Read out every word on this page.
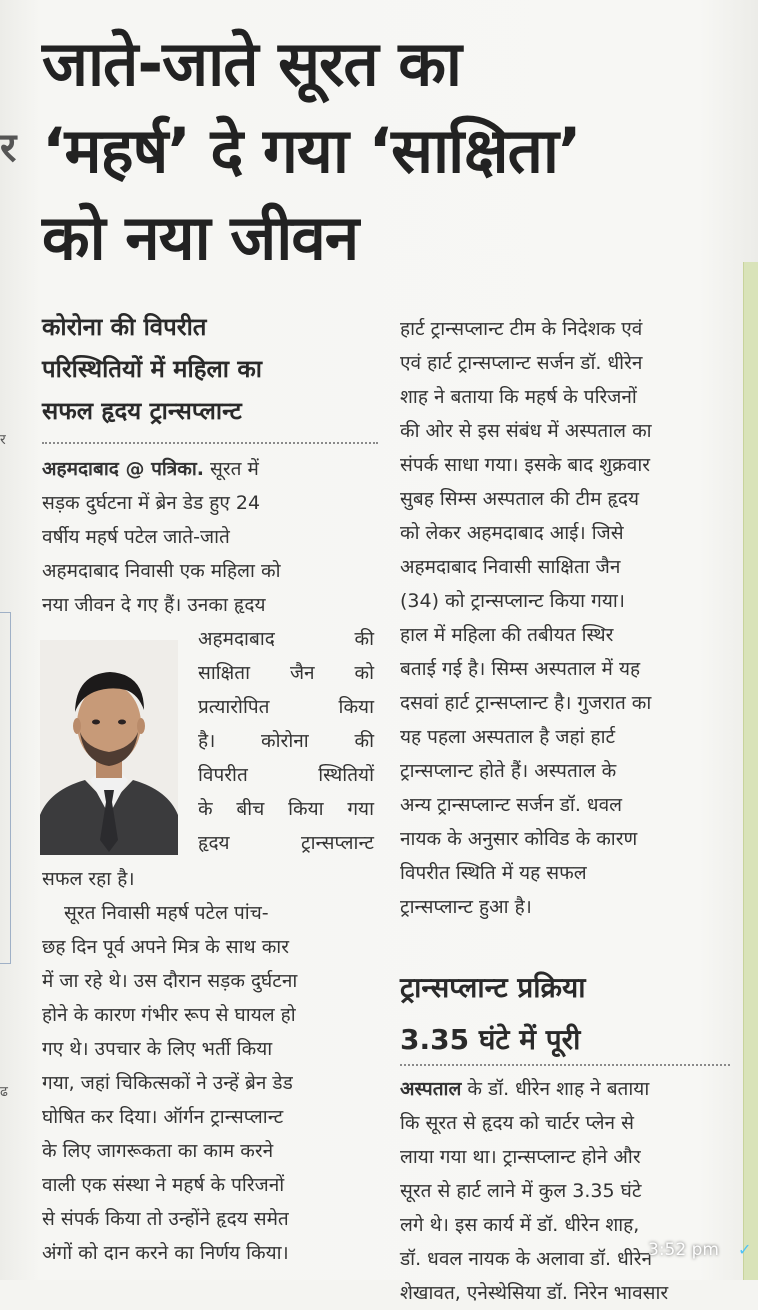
र
र
ढ
जाते-जाते सूरत का
‘महर्ष’ दे गया ‘साक्षिता’
को नया जीवन
कोरोना की विपरीत
परिस्थितियों में महिला का
सफल हृदय ट्रान्सप्लान्ट
अहमदाबाद @ पत्रिका. सूरत में
सड़क दुर्घटना में ब्रेन डेड हुए 24
वर्षीय महर्ष पटेल जाते-जाते
अहमदाबाद निवासी एक महिला को
नया जीवन दे गए हैं। उनका हृदय
अहमदाबाद की
साक्षिता जैन को
प्रत्यारोपित किया
है। कोरोना की
विपरीत स्थितियों
के बीच किया गया
हृदय ट्रान्सप्लान्ट
सफल रहा है।
सूरत निवासी महर्ष पटेल पांच-
छह दिन पूर्व अपने मित्र के साथ कार
में जा रहे थे। उस दौरान सड़क दुर्घटना
होने के कारण गंभीर रूप से घायल हो
गए थे। उपचार के लिए भर्ती किया
गया, जहां चिकित्सकों ने उन्हें ब्रेन डेड
घोषित कर दिया। ऑर्गन ट्रान्सप्लान्ट
के लिए जागरूकता का काम करने
वाली एक संस्था ने महर्ष के परिजनों
से संपर्क किया तो उन्होंने हृदय समेत
अंगों को दान करने का निर्णय किया।
हार्ट ट्रान्सप्लान्ट टीम के निदेशक एवं
एवं हार्ट ट्रान्सप्लान्ट सर्जन डॉ. धीरेन
शाह ने बताया कि महर्ष के परिजनों
की ओर से इस संबंध में अस्पताल का
संपर्क साधा गया। इसके बाद शुक्रवार
सुबह सिम्स अस्पताल की टीम हृदय
को लेकर अहमदाबाद आई। जिसे
अहमदाबाद निवासी साक्षिता जैन
(34) को ट्रान्सप्लान्ट किया गया।
हाल में महिला की तबीयत स्थिर
बताई गई है। सिम्स अस्पताल में यह
दसवां हार्ट ट्रान्सप्लान्ट है। गुजरात का
यह पहला अस्पताल है जहां हार्ट
ट्रान्सप्लान्ट होते हैं। अस्पताल के
अन्य ट्रान्सप्लान्ट सर्जन डॉ. धवल
नायक के अनुसार कोविड के कारण
विपरीत स्थिति में यह सफल
ट्रान्सप्लान्ट हुआ है।
ट्रान्सप्लान्ट प्रक्रिया
3.35 घंटे में पूरी
अस्पताल के डॉ. धीरेन शाह ने बताया
कि सूरत से हृदय को चार्टर प्लेन से
लाया गया था। ट्रान्सप्लान्ट होने और
सूरत से हार्ट लाने में कुल 3.35 घंटे
लगे थे। इस कार्य में डॉ. धीरेन शाह,
डॉ. धवल नायक के अलावा डॉ. धीरेन
शेखावत, एनेस्थेसिया डॉ. निरेन भावसार
3:52 pm ✓
